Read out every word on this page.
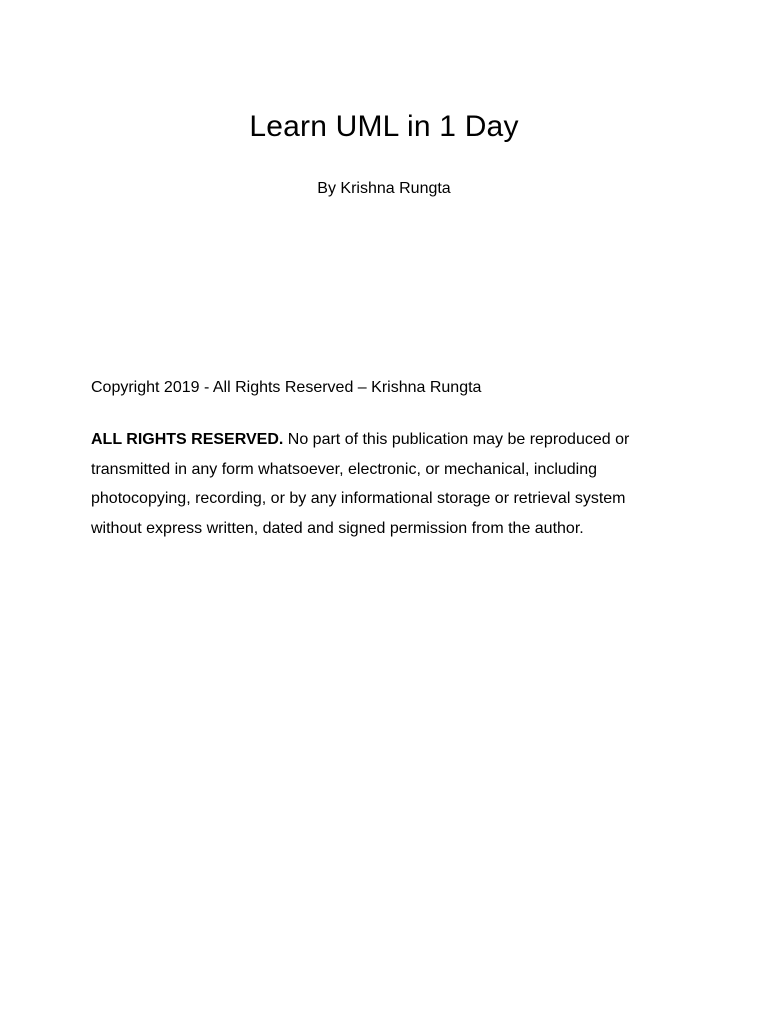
Learn UML in 1 Day

By Krishna Rungta

Copyright 2019 - All Rights Reserved – Krishna Rungta

ALL RIGHTS RESERVED. No part of this publication may be reproduced or transmitted in any form whatsoever, electronic, or mechanical, including photocopying, recording, or by any informational storage or retrieval system without express written, dated and signed permission from the author.
